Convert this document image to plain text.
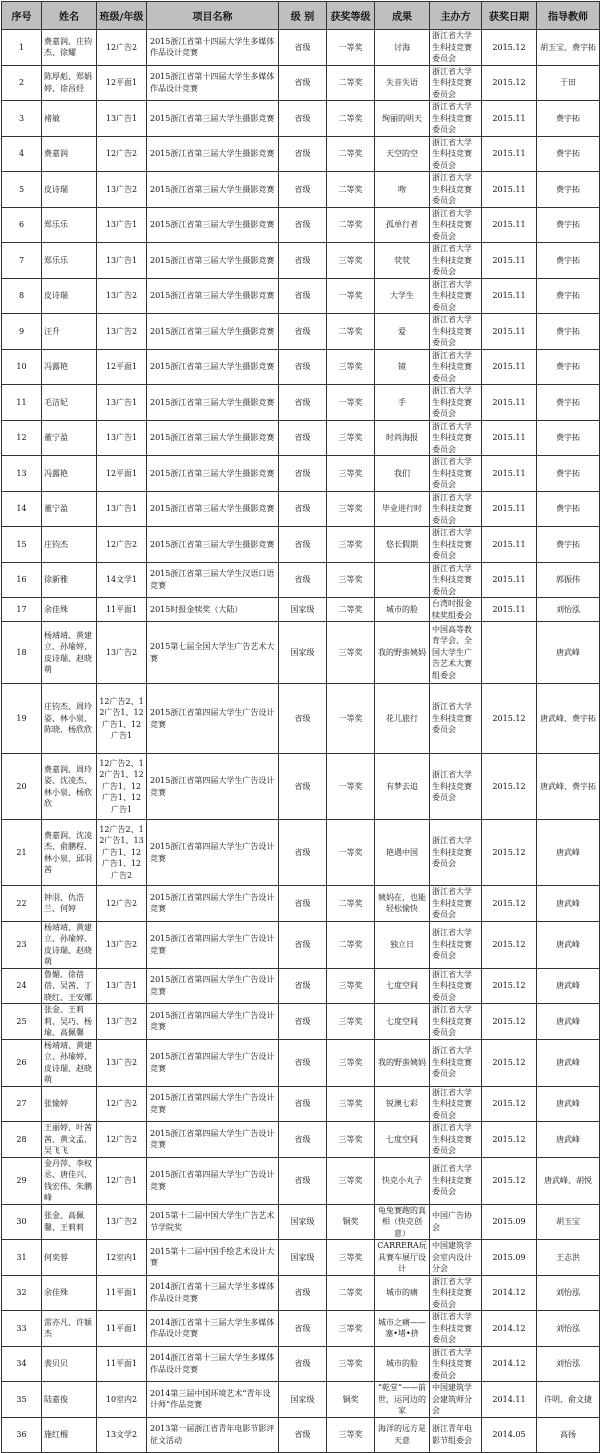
序号	姓名	班级/年级	项目名称	级 别	获奖等级	成果	主办方	获奖日期	指导教师
1	费嘉润、庄钧杰、徐耀	12广告2	2015浙江省第十四届大学生多媒体作品设计竞赛	省级	一等奖	讨海	浙江省大学生科技竞赛委员会	2015.12	胡玉宝、费宇拓
2	陈厚彪、郑娟婷、徐昌烃	12平面1	2015浙江省第十四届大学生多媒体作品设计竞赛	省级	二等奖	失音失语	浙江省大学生科技竞赛委员会	2015.12	于田
3	褚敏	13广告1	2015浙江省第三届大学生摄影竞赛	省级	二等奖	绚丽的明天	浙江省大学生科技竞赛委员会	2015.11	费宇拓
4	费嘉润	12广告2	2015浙江省第三届大学生摄影竞赛	省级	二等奖	天空的空	浙江省大学生科技竞赛委员会	2015.11	费宇拓
5	皮诗瑞	13广告2	2015浙江省第三届大学生摄影竞赛	省级	二等奖	吻	浙江省大学生科技竞赛委员会	2015.11	费宇拓
6	郑乐乐	13广告1	2015浙江省第三届大学生摄影竞赛	省级	二等奖	孤单行者	浙江省大学生科技竞赛委员会	2015.11	费宇拓
7	郑乐乐	13广告1	2015浙江省第三届大学生摄影竞赛	省级	三等奖	茕茕	浙江省大学生科技竞赛委员会	2015.11	费宇拓
8	皮诗瑞	13广告2	2015浙江省第三届大学生摄影竞赛	省级	一等奖	大学生	浙江省大学生科技竞赛委员会	2015.11	费宇拓
9	汪升	13广告2	2015浙江省第三届大学生摄影竞赛	省级	二等奖	爱	浙江省大学生科技竞赛委员会	2015.11	费宇拓
10	冯露艳	12平面1	2015浙江省第三届大学生摄影竞赛	省级	三等奖	镜	浙江省大学生科技竞赛委员会	2015.11	费宇拓
11	毛洁妃	13广告1	2015浙江省第三届大学生摄影竞赛	省级	一等奖	手	浙江省大学生科技竞赛委员会	2015.11	费宇拓
12	董宁盈	13广告1	2015浙江省第三届大学生摄影竞赛	省级	三等奖	时尚海报	浙江省大学生科技竞赛委员会	2015.11	费宇拓
13	冯露艳	12平面1	2015浙江省第三届大学生摄影竞赛	省级	三等奖	我们	浙江省大学生科技竞赛委员会	2015.11	费宇拓
14	董宁盈	13广告1	2015浙江省第三届大学生摄影竞赛	省级	三等奖	毕业进行时	浙江省大学生科技竞赛委员会	2015.11	费宇拓
15	庄钧杰	12广告2	2015浙江省第三届大学生摄影竞赛	省级	三等奖	悠长假期	浙江省大学生科技竞赛委员会	2015.11	费宇拓
16	徐新雅	14文学1	2015浙江省第三届大学生汉语口语竞赛	省级	三等奖		浙江省大学生科技竞赛委员会	2015.11	郭振伟
17	余佳殊	11平面1	2015时报金犊奖（大陆）	国家级	二等奖	城市的脸	台湾时报金犊奖组委会	2015.11	刘怡泓
18	杨靖靖、黄建立、孙瑜婷、皮诗瑞、赵晓萌	13广告2	2015第七届全国大学生广告艺术大赛	国家级	三等奖	我的野蛮姨妈	中国高等教育学会、全国大学生广告艺术大赛组委会		唐武峰
19	庄钧杰、周玲姿、林小泉、陈晓、杨欣欣	12广告2、12广告1、12广告1、12广告1	2015浙江省第四届大学生广告设计竞赛	省级	一等奖	花儿旅行	浙江省大学生科技竞赛委员会	2015.12	唐武峰、费宇拓
20	费嘉润、周玲姿、沈凌杰、林小泉、杨欣欣	12广告2、12广告1、12广告1、12广告1、12广告1	2015浙江省第四届大学生广告设计竞赛	省级	一等奖	有梦去追	浙江省大学生科技竞赛委员会	2015.12	唐武峰、费宇拓
21	费嘉润、沈凌杰、俞鹏程、林小泉、邱羽茜	12广告2、12广告1、13广告1、12广告1、12广告2	2015浙江省第四届大学生广告设计竞赛	省级	一等奖	艳遇中国	浙江省大学生科技竞赛委员会	2015.12	唐武峰
22	钟羽、仇浩兰、何婷	12广告2	2015浙江省第四届大学生广告设计竞赛	省级	二等奖	姨妈在，也能轻松愉快	浙江省大学生科技竞赛委员会	2015.12	唐武峰
23	杨靖靖、黄建立、孙瑜婷、皮诗瑞、赵晓萌	13广告2	2015浙江省第四届大学生广告设计竞赛	省级	二等奖	独立日	浙江省大学生科技竞赛委员会	2015.12	唐武峰
24	鲁媚、徐蓓蓓、吴茜、丁晓红、王安娜	13广告1	2015浙江省第四届大学生广告设计竞赛	省级	三等奖	七度空间	浙江省大学生科技竞赛委员会	2015.12	唐武峰
25	张金、王莉莉、吴巧、杨瑜、高佩馨	13广告2	2015浙江省第四届大学生广告设计竞赛	省级	三等奖	七度空间	浙江省大学生科技竞赛委员会	2015.12	唐武峰
26	杨靖靖、黄建立、孙瑜婷、皮诗瑞、赵晓萌	13广告2	2015浙江省第四届大学生广告设计竞赛	省级	三等奖	我的野蛮姨妈	浙江省大学生科技竞赛委员会	2015.12	唐武峰
27	张愉婷	12广告2	2015浙江省第四届大学生广告设计竞赛	省级	三等奖	锐澳七彩	浙江省大学生科技竞赛委员会	2015.12	唐武峰
28	王丽婷、叶茜茜、黄文孟、吴飞飞	12广告2	2015浙江省第四届大学生广告设计竞赛	省级	三等奖	七度空间	浙江省大学生科技竞赛委员会	2015.12	唐武峰
29	金丹萍、李权丞、唐佳兴、钱宏伟、朱鹏峰	12广告1	2015浙江省第四届大学生广告设计竞赛	省级	三等奖	快克小丸子	浙江省大学生科技竞赛委员会	2015.12	唐武峰、胡悦
30	张金、高佩馨、王莉莉	13广告2	2015第十二届中国大学生广告艺术节学院奖	国家级	铜奖	龟兔赛跑的真相（快克创意）	中国广告协会	2015.09	胡玉宝
31	何奕蓉	12室内1	2015第十二届中国手绘艺术设计大赛	国家级	三等奖	CARRERA玩具赛车展厅设计	中国建筑学会室内设计分会	2015.09	王志洪
32	余佳殊	11平面1	2014浙江省第十三届大学生多媒体作品设计竞赛	省级	二等奖	城市的痛	浙江省大学生科技竞赛委员会	2014.12	刘怡泓
33	雷亦凡、许颖杰	11平面1	2014浙江省第十三届大学生多媒体作品设计竞赛	省级	三等奖	城市之痛——塞•堵•挤	浙江省大学生科技竞赛委员会	2014.12	刘怡泓
34	裴贝贝	11平面1	2014浙江省第十三届大学生多媒体作品设计竞赛	省级	三等奖	城市的脸	浙江省大学生科技竞赛委员会	2014.12	刘怡泓
35	陆嘉俊	10室内2	2014第三届中国环境艺术“青年设计师”作品竞赛	国家级	铜奖	“乾堂”——前世，运河边的家	中国建筑学会建筑师分会	2014.11	许明、俞文捷
36	施红榴	13文学2	2013第一届浙江省青年电影节影评征文活动	省级	三等奖	海洋的远方是天意	浙江青年电影节组委会	2014.05	高扬
